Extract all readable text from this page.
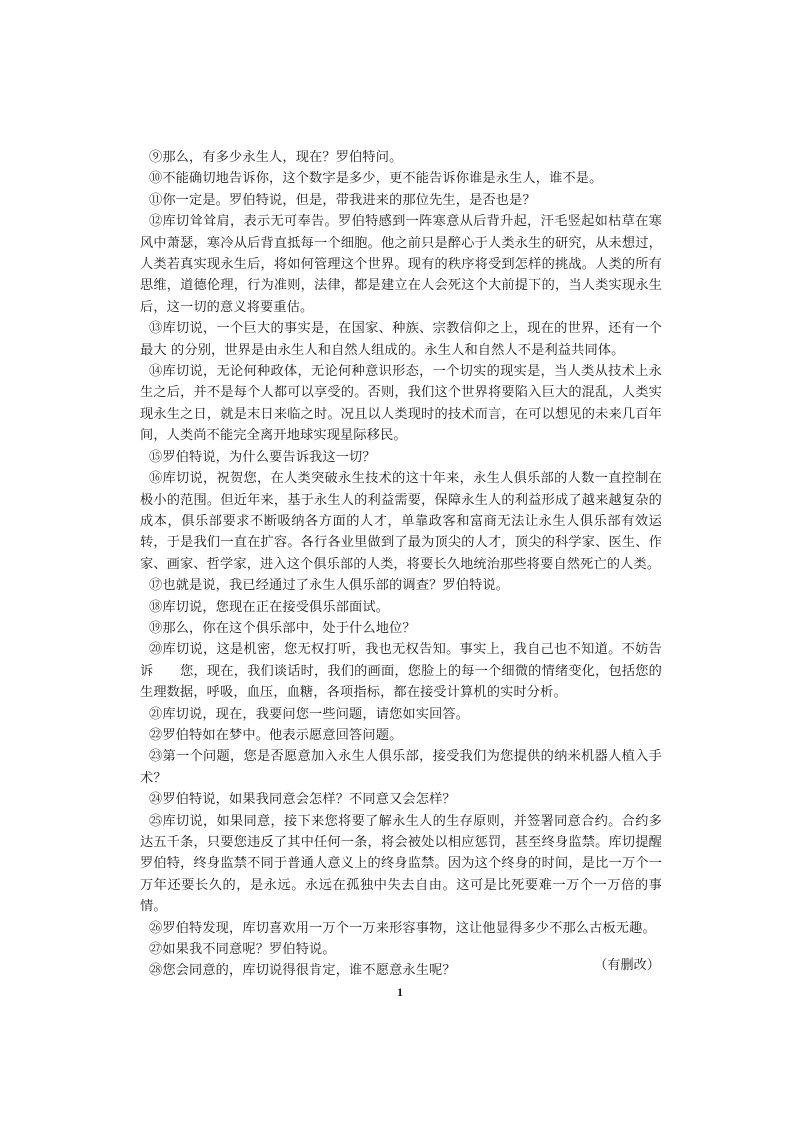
⑨那么，有多少永生人，现在？罗伯特问。

⑩不能确切地告诉你，这个数字是多少，更不能告诉你谁是永生人，谁不是。

⑪你一定是。罗伯特说，但是，带我进来的那位先生，是否也是？

⑫库切耸耸肩，表示无可奉告。罗伯特感到一阵寒意从后背升起，汗毛竖起如枯草在寒风中萧瑟，寒冷从后背直抵每一个细胞。他之前只是醉心于人类永生的研究，从未想过，人类若真实现永生后，将如何管理这个世界。现有的秩序将受到怎样的挑战。人类的所有思维，道德伦理，行为准则，法律，都是建立在人会死这个大前提下的，当人类实现永生后，这一切的意义将要重估。

⑬库切说，一个巨大的事实是，在国家、种族、宗教信仰之上，现在的世界，还有一个最大 的分别，世界是由永生人和自然人组成的。永生人和自然人不是利益共同体。

⑭库切说，无论何种政体，无论何种意识形态，一个切实的现实是，当人类从技术上永生之后，并不是每个人都可以享受的。否则，我们这个世界将要陷入巨大的混乱，人类实现永生之日，就是末日来临之时。况且以人类现时的技术而言，在可以想见的未来几百年 间，人类尚不能完全离开地球实现星际移民。

⑮罗伯特说，为什么要告诉我这一切？

⑯库切说，祝贺您，在人类突破永生技术的这十年来，永生人俱乐部的人数一直控制在极小的范围。但近年来，基于永生人的利益需要，保障永生人的利益形成了越来越复杂的成本，俱乐部要求不断吸纳各方面的人才，单靠政客和富商无法让永生人俱乐部有效运转，于是我们一直在扩容。各行各业里做到了最为顶尖的人才，顶尖的科学家、医生、作家、画家、哲学家，进入这个俱乐部的人类，将要长久地统治那些将要自然死亡的人类。

⑰也就是说，我已经通过了永生人俱乐部的调查？罗伯特说。

⑱库切说，您现在正在接受俱乐部面试。

⑲那么，你在这个俱乐部中，处于什么地位？

⑳库切说，这是机密，您无权打听，我也无权告知。事实上，我自己也不知道。不妨告诉　　您，现在，我们谈话时，我们的画面，您脸上的每一个细微的情绪变化，包括您的生理数据，呼吸，血压，血糖，各项指标，都在接受计算机的实时分析。

㉑库切说，现在，我要问您一些问题，请您如实回答。

㉒罗伯特如在梦中。他表示愿意回答问题。

㉓第一个问题，您是否愿意加入永生人俱乐部，接受我们为您提供的纳米机器人植入手术？

㉔罗伯特说，如果我同意会怎样？不同意又会怎样？

㉕库切说，如果同意，接下来您将要了解永生人的生存原则，并签署同意合约。合约多达五千条，只要您违反了其中任何一条，将会被处以相应惩罚，甚至终身监禁。库切提醒罗伯特，终身监禁不同于普通人意义上的终身监禁。因为这个终身的时间，是比一万个一万年还要长久的，是永远。永远在孤独中失去自由。这可是比死要难一万个一万倍的事情。

㉖罗伯特发现，库切喜欢用一万个一万来形容事物，这让他显得多少不那么古板无趣。

㉗如果我不同意呢？罗伯特说。

㉘您会同意的，库切说得很肯定，谁不愿意永生呢？	（有删改）
1
